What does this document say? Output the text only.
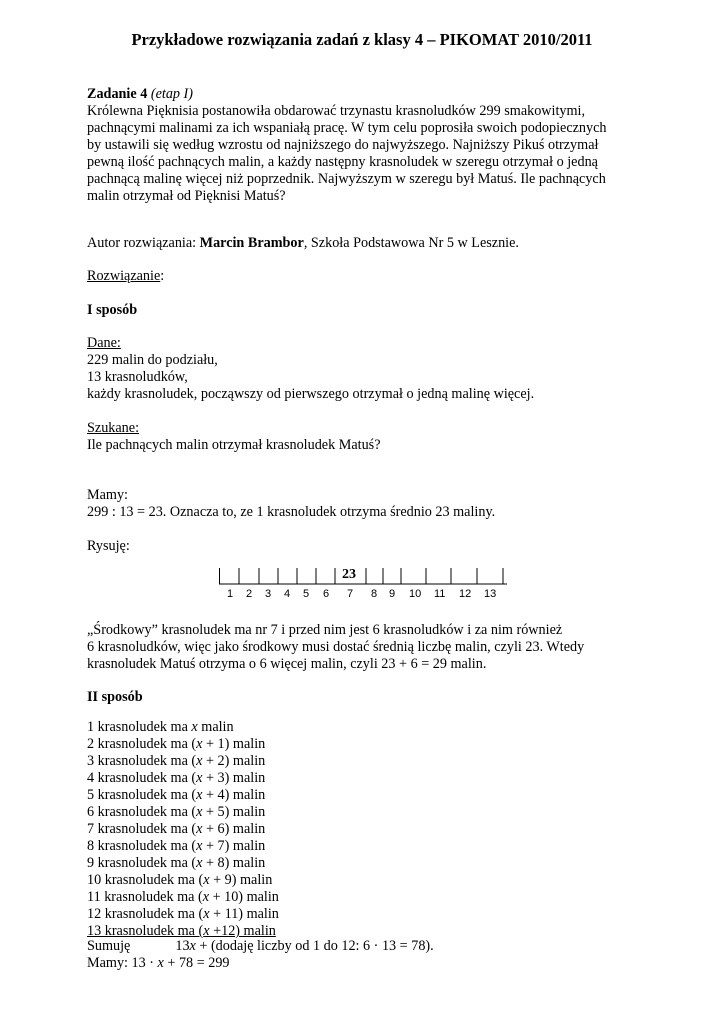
Przykładowe rozwiązania zadań z klasy 4 – PIKOMAT 2010/2011
Zadanie 4 (etap I)
Królewna Pięknisia postanowiła obdarować trzynastu krasnoludków 299 smakowitymi,
pachnącymi malinami za ich wspaniałą pracę. W tym celu poprosiła swoich podopiecznych
by ustawili się według wzrostu od najniższego do najwyższego. Najniższy Pikuś otrzymał
pewną ilość pachnących malin, a każdy następny krasnoludek w szeregu otrzymał o jedną
pachnącą malinę więcej niż poprzednik. Najwyższym w szeregu był Matuś. Ile pachnących
malin otrzymał od Pięknisi Matuś?
Autor rozwiązania: Marcin Brambor, Szkoła Podstawowa Nr 5 w Lesznie.
Rozwiązanie:
I sposób
Dane:
229 malin do podziału,
13 krasnoludków,
każdy krasnoludek, począwszy od pierwszego otrzymał o jedną malinę więcej.
Szukane:
Ile pachnących malin otrzymał krasnoludek Matuś?
Mamy:
299 : 13 = 23. Oznacza to, ze 1 krasnoludek otrzyma średnio 23 maliny.
Rysuję:
23
1 2 3 4 5 6 7 8 9 10 11 12 13
„Środkowy” krasnoludek ma nr 7 i przed nim jest 6 krasnoludków i za nim również
6 krasnoludków, więc jako środkowy musi dostać średnią liczbę malin, czyli 23. Wtedy
krasnoludek Matuś otrzyma o 6 więcej malin, czyli 23 + 6 = 29 malin.
II sposób
1 krasnoludek ma x malin
2 krasnoludek ma (x + 1) malin
3 krasnoludek ma (x + 2) malin
4 krasnoludek ma (x + 3) malin
5 krasnoludek ma (x + 4) malin
6 krasnoludek ma (x + 5) malin
7 krasnoludek ma (x + 6) malin
8 krasnoludek ma (x + 7) malin
9 krasnoludek ma (x + 8) malin
10 krasnoludek ma (x + 9) malin
11 krasnoludek ma (x + 10) malin
12 krasnoludek ma (x + 11) malin
13 krasnoludek ma (x +12) malin
Sumuję	13x + (dodaję liczby od 1 do 12: 6 · 13 = 78).
Mamy: 13 · x + 78 = 299
